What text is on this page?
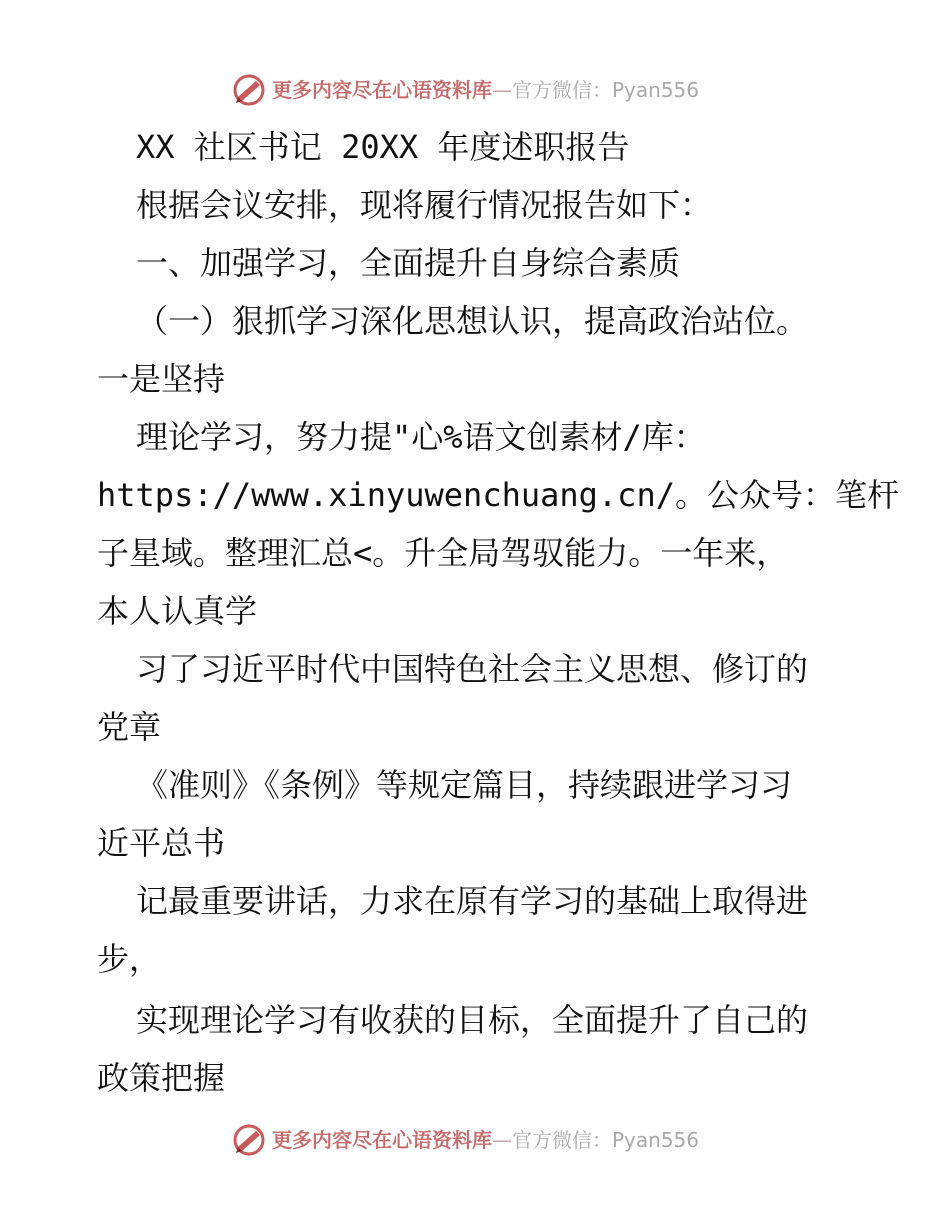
更多内容尽在心语资料库—官方微信：Pyan556

XX 社区书记 20XX 年度述职报告

根据会议安排，现将履行情况报告如下：

一、加强学习，全面提升自身综合素质

（一）狠抓学习深化思想认识，提高政治站位。

一是坚持

理论学习，努力提"心%语文创素材/库：

https://www.xinyuwenchuang.cn/。公众号：笔杆

子星域。整理汇总<。升全局驾驭能力。一年来，

本人认真学

习了习近平时代中国特色社会主义思想、修订的

党章

《准则》《条例》等规定篇目，持续跟进学习习

近平总书

记最重要讲话，力求在原有学习的基础上取得进

步，

实现理论学习有收获的目标，全面提升了自己的

政策把握

更多内容尽在心语资料库—官方微信：Pyan556
